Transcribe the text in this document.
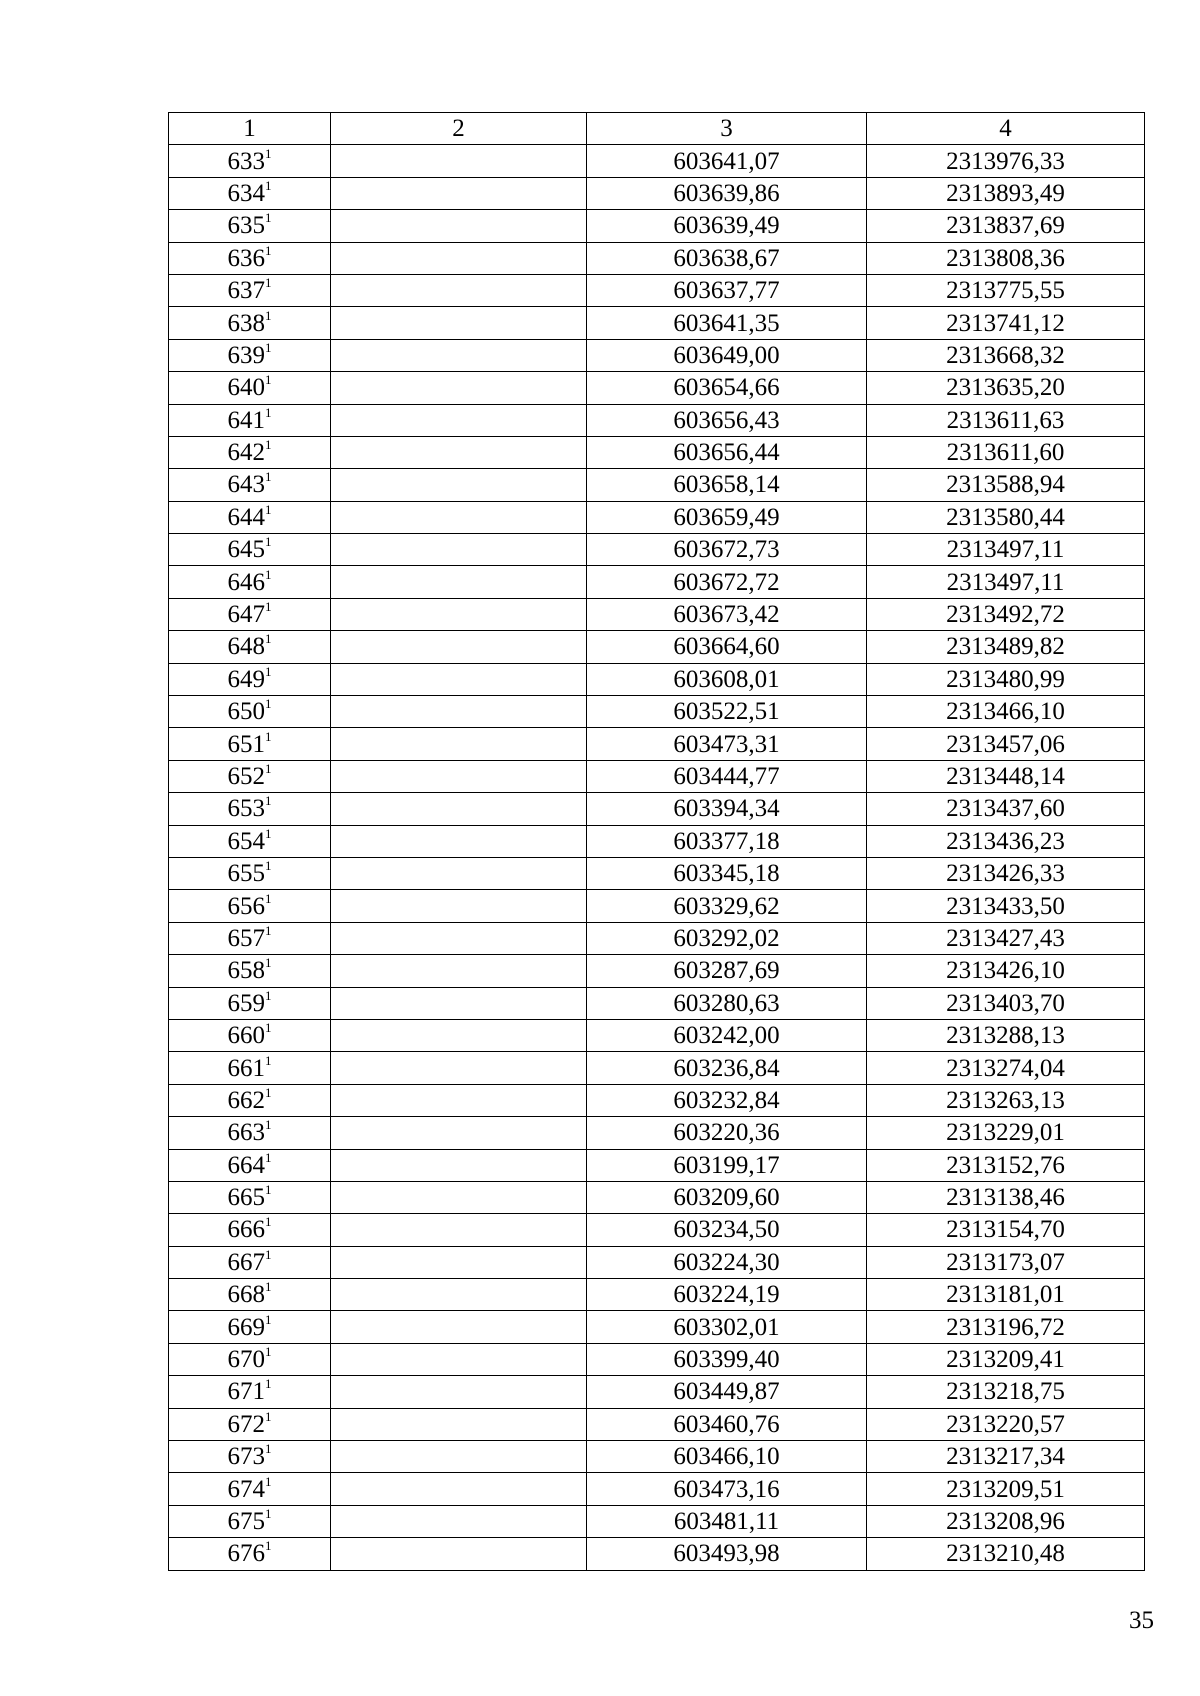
1	2	3	4
$633^1$		603641,07	2313976,33
$634^1$		603639,86	2313893,49
$635^1$		603639,49	2313837,69
$636^1$		603638,67	2313808,36
$637^1$		603637,77	2313775,55
$638^1$		603641,35	2313741,12
$639^1$		603649,00	2313668,32
$640^1$		603654,66	2313635,20
$641^1$		603656,43	2313611,63
$642^1$		603656,44	2313611,60
$643^1$		603658,14	2313588,94
$644^1$		603659,49	2313580,44
$645^1$		603672,73	2313497,11
$646^1$		603672,72	2313497,11
$647^1$		603673,42	2313492,72
$648^1$		603664,60	2313489,82
$649^1$		603608,01	2313480,99
$650^1$		603522,51	2313466,10
$651^1$		603473,31	2313457,06
$652^1$		603444,77	2313448,14
$653^1$		603394,34	2313437,60
$654^1$		603377,18	2313436,23
$655^1$		603345,18	2313426,33
$656^1$		603329,62	2313433,50
$657^1$		603292,02	2313427,43
$658^1$		603287,69	2313426,10
$659^1$		603280,63	2313403,70
$660^1$		603242,00	2313288,13
$661^1$		603236,84	2313274,04
$662^1$		603232,84	2313263,13
$663^1$		603220,36	2313229,01
$664^1$		603199,17	2313152,76
$665^1$		603209,60	2313138,46
$666^1$		603234,50	2313154,70
$667^1$		603224,30	2313173,07
$668^1$		603224,19	2313181,01
$669^1$		603302,01	2313196,72
$670^1$		603399,40	2313209,41
$671^1$		603449,87	2313218,75
$672^1$		603460,76	2313220,57
$673^1$		603466,10	2313217,34
$674^1$		603473,16	2313209,51
$675^1$		603481,11	2313208,96
$676^1$		603493,98	2313210,48
35
